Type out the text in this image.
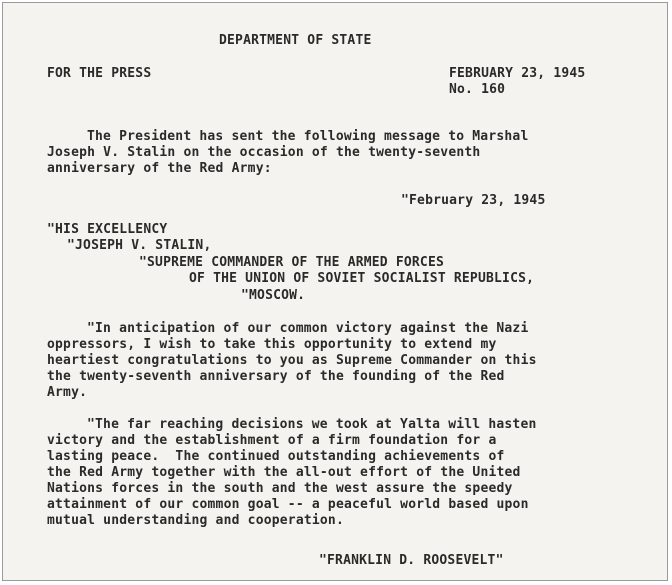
DEPARTMENT OF STATE
FOR THE PRESS	FEBRUARY 23, 1945
No. 160
The President has sent the following message to Marshal
Joseph V. Stalin on the occasion of the twenty-seventh
anniversary of the Red Army:
"February 23, 1945
"HIS EXCELLENCY
"JOSEPH V. STALIN,
"SUPREME COMMANDER OF THE ARMED FORCES
OF THE UNION OF SOVIET SOCIALIST REPUBLICS,
"MOSCOW.
"In anticipation of our common victory against the Nazi
oppressors, I wish to take this opportunity to extend my
heartiest congratulations to you as Supreme Commander on this
the twenty-seventh anniversary of the founding of the Red
Army.
"The far reaching decisions we took at Yalta will hasten
victory and the establishment of a firm foundation for a
lasting peace.  The continued outstanding achievements of
the Red Army together with the all-out effort of the United
Nations forces in the south and the west assure the speedy
attainment of our common goal -- a peaceful world based upon
mutual understanding and cooperation.
"FRANKLIN D. ROOSEVELT"
